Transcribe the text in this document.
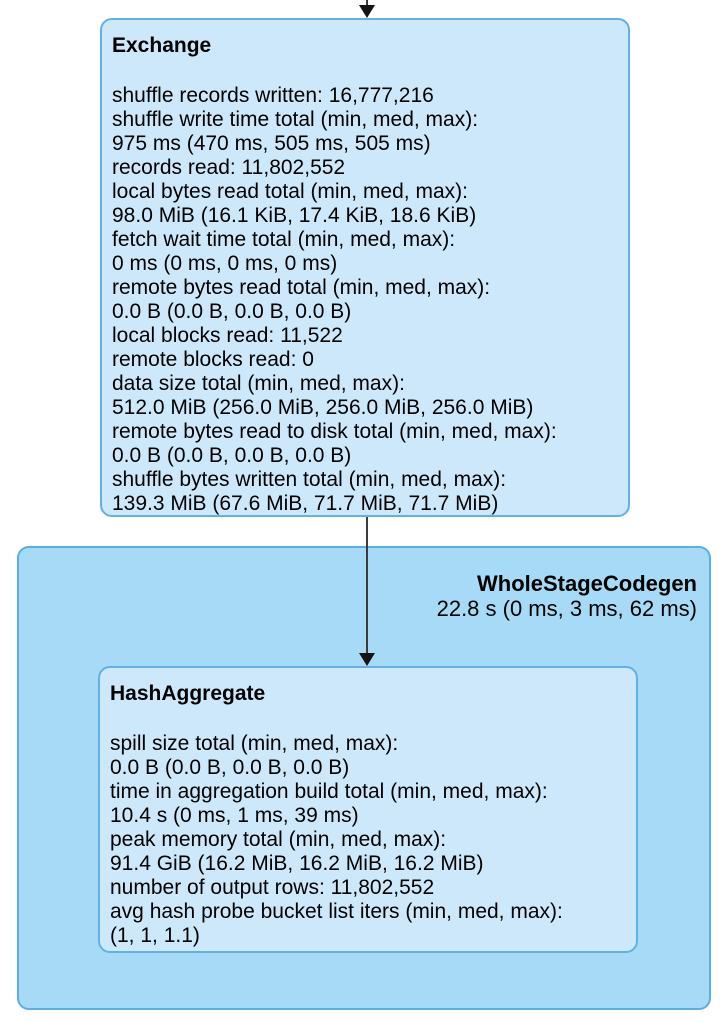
Exchange
shuffle records written: 16,777,216
shuffle write time total (min, med, max):
975 ms (470 ms, 505 ms, 505 ms)
records read: 11,802,552
local bytes read total (min, med, max):
98.0 MiB (16.1 KiB, 17.4 KiB, 18.6 KiB)
fetch wait time total (min, med, max):
0 ms (0 ms, 0 ms, 0 ms)
remote bytes read total (min, med, max):
0.0 B (0.0 B, 0.0 B, 0.0 B)
local blocks read: 11,522
remote blocks read: 0
data size total (min, med, max):
512.0 MiB (256.0 MiB, 256.0 MiB, 256.0 MiB)
remote bytes read to disk total (min, med, max):
0.0 B (0.0 B, 0.0 B, 0.0 B)
shuffle bytes written total (min, med, max):
139.3 MiB (67.6 MiB, 71.7 MiB, 71.7 MiB)
WholeStageCodegen
22.8 s (0 ms, 3 ms, 62 ms)
HashAggregate
spill size total (min, med, max):
0.0 B (0.0 B, 0.0 B, 0.0 B)
time in aggregation build total (min, med, max):
10.4 s (0 ms, 1 ms, 39 ms)
peak memory total (min, med, max):
91.4 GiB (16.2 MiB, 16.2 MiB, 16.2 MiB)
number of output rows: 11,802,552
avg hash probe bucket list iters (min, med, max):
(1, 1, 1.1)
